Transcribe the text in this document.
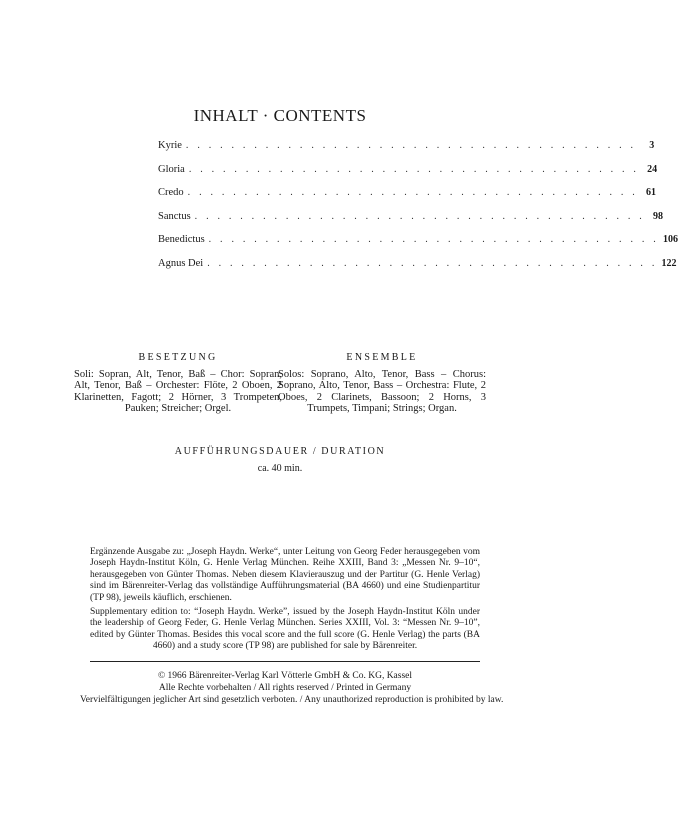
INHALT · CONTENTS
Kyrie . . . . . . . . . . . . . . . . . . . . . . . . . . . . . . . . . . . . . . . .	3
Gloria . . . . . . . . . . . . . . . . . . . . . . . . . . . . . . . . . . . . . . . . 24
Credo . . . . . . . . . . . . . . . . . . . . . . . . . . . . . . . . . . . . . . . . 61
Sanctus . . . . . . . . . . . . . . . . . . . . . . . . . . . . . . . . . . . . . . . . 98
Benedictus . . . . . . . . . . . . . . . . . . . . . . . . . . . . . . . . . . . . . . . . 106
Agnus Dei . . . . . . . . . . . . . . . . . . . . . . . . . . . . . . . . . . . . . . . . 122
BESETZUNG
Soli: Sopran, Alt, Tenor, Baß – Chor: Sopran, Alt, Tenor, Baß – Orchester: Flöte, 2 Oboen, 2 Klarinetten, Fagott; 2 Hörner, 3 Trompeten, Pauken; Streicher; Orgel.
ENSEMBLE
Solos: Soprano, Alto, Tenor, Bass – Chorus: Soprano, Alto, Tenor, Bass – Orchestra: Flute, 2 Oboes, 2 Clarinets, Bassoon; 2 Horns, 3 Trumpets, Timpani; Strings; Organ.
AUFFÜHRUNGSDAUER / DURATION
ca. 40 min.
Ergänzende Ausgabe zu: „Joseph Haydn. Werke“, unter Leitung von Georg Feder herausgegeben vom Joseph Haydn-Institut Köln, G. Henle Verlag München. Reihe XXIII, Band 3: „Messen Nr. 9–10“, herausgegeben von Günter Thomas. Neben diesem Klavierauszug und der Partitur (G. Henle Verlag) sind im Bärenreiter-Verlag das vollständige Aufführungsmaterial (BA 4660) und eine Studienpartitur (TP 98), jeweils käuflich, erschienen.
Supplementary edition to: “Joseph Haydn. Werke”, issued by the Joseph Haydn-Institut Köln under the leadership of Georg Feder, G. Henle Verlag München. Series XXIII, Vol. 3: “Messen Nr. 9–10”, edited by Günter Thomas. Besides this vocal score and the full score (G. Henle Verlag) the parts (BA 4660) and a study score (TP 98) are published for sale by Bärenreiter.
© 1966 Bärenreiter-Verlag Karl Vötterle GmbH & Co. KG, Kassel
Alle Rechte vorbehalten / All rights reserved / Printed in Germany
Vervielfältigungen jeglicher Art sind gesetzlich verboten. / Any unauthorized reproduction is prohibited by law.
